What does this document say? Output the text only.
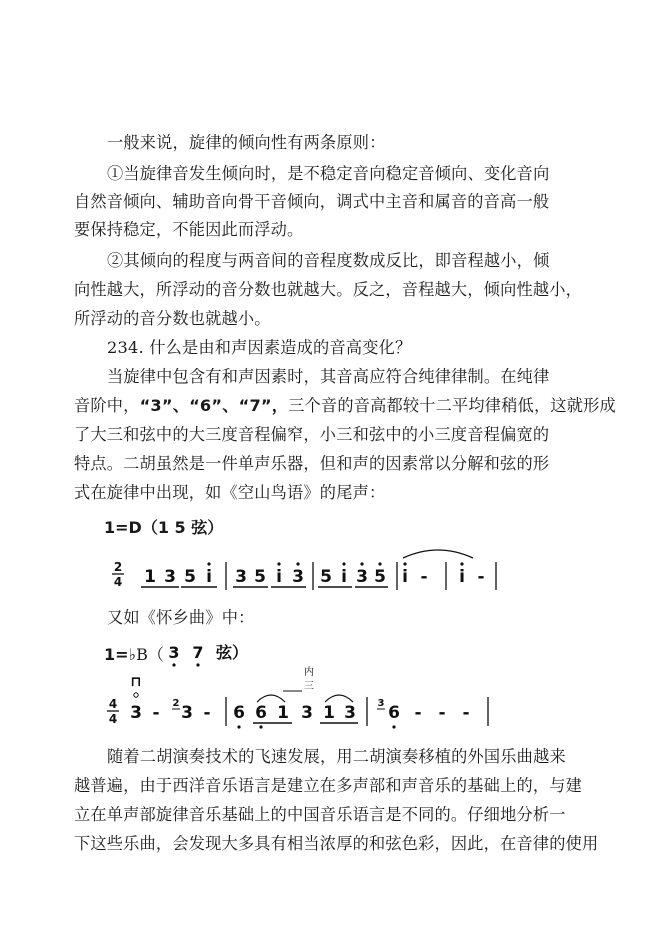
一般来说，旋律的倾向性有两条原则：
①当旋律音发生倾向时，是不稳定音向稳定音倾向、变化音向
自然音倾向、辅助音向骨干音倾向，调式中主音和属音的音高一般
要保持稳定，不能因此而浮动。
②其倾向的程度与两音间的音程度数成反比，即音程越小，倾
向性越大，所浮动的音分数也就越大。反之，音程越大，倾向性越小，
所浮动的音分数也就越小。
234. 什么是由和声因素造成的音高变化？
当旋律中包含有和声因素时，其音高应符合纯律律制。在纯律
音阶中，“3”、“6”、“7”，三个音的音高都较十二平均律稍低，这就形成
了大三和弦中的大三度音程偏窄，小三和弦中的小三度音程偏宽的
特点。二胡虽然是一件单声乐器，但和声的因素常以分解和弦的形
式在旋律中出现，如《空山鸟语》的尾声：
1=D（1 5 弦）
2
4 1 3 5 i 3 5 i 3 5 i 3 5 i - i -
又如《怀乡曲》中：
1=♭B（ 3 7 弦）
4
4
⊓
3 - 2 3 - 6 6 1
内
三
3 1 3 3 6 - - -
随着二胡演奏技术的飞速发展，用二胡演奏移植的外国乐曲越来
越普遍，由于西洋音乐语言是建立在多声部和声音乐的基础上的，与建
立在单声部旋律音乐基础上的中国音乐语言是不同的。仔细地分析一
下这些乐曲，会发现大多具有相当浓厚的和弦色彩，因此，在音律的使用
